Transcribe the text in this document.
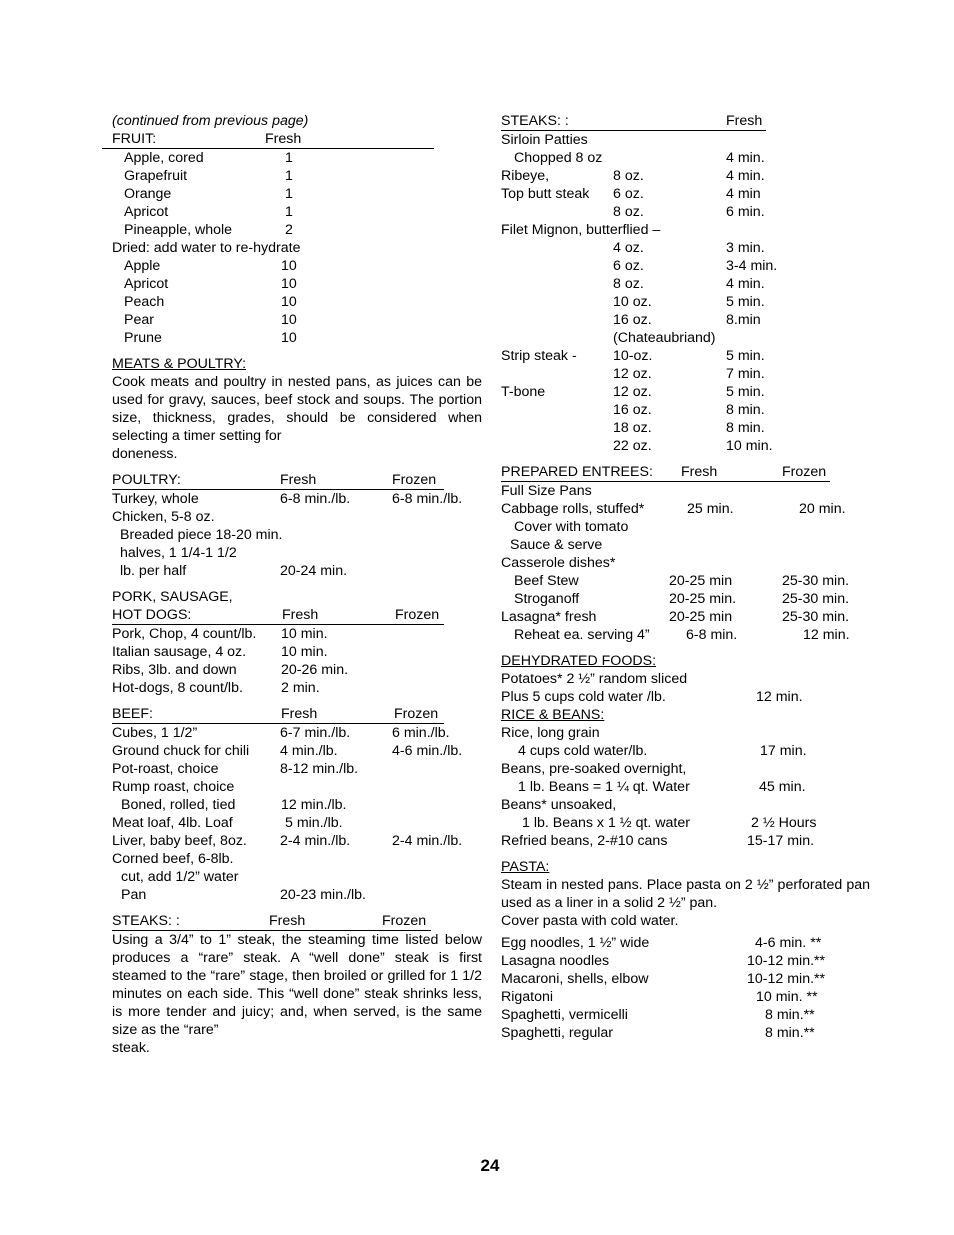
(continued from previous page)
FRUIT:	Fresh
Apple, cored	1
Grapefruit	1
Orange	1
Apricot	1
Pineapple, whole	2
Dried: add water to re-hydrate
Apple	10
Apricot	10
Peach	10
Pear	10
Prune	10
MEATS & POULTRY:
Cook meats and poultry in nested pans, as juices can be used for gravy, sauces, beef stock and soups. The portion size, thickness, grades, should be considered when selecting a timer setting for
doneness.
POULTRY:	Fresh	Frozen
Turkey, whole	6-8 min./lb.	6-8 min./lb.
Chicken, 5-8 oz.
Breaded piece 18-20 min.
halves, 1 1/4-1 1/2
lb. per half	20-24 min.
PORK, SAUSAGE,
HOT DOGS:	Fresh	Frozen
Pork, Chop, 4 count/lb. 10 min.
Italian sausage, 4 oz. 10 min.
Ribs, 3lb. and down	20-26 min.
Hot-dogs, 8 count/lb.	2 min.
BEEF:	Fresh	Frozen
Cubes, 1 1/2”	6-7 min./lb.	6 min./lb.
Ground chuck for chili 4 min./lb.	4-6 min./lb.
Pot-roast, choice	8-12 min./lb.
Rump roast, choice
Boned, rolled, tied	12 min./lb.
Meat loaf, 4lb. Loaf	5 min./lb.
Liver, baby beef, 8oz. 2-4 min./lb.	2-4 min./lb.
Corned beef, 6-8lb.
cut, add 1/2” water
Pan	20-23 min./lb.
STEAKS: :	Fresh	Frozen
Using a 3/4” to 1” steak, the steaming time listed below produces a “rare” steak. A “well done” steak is first steamed to the “rare” stage, then broiled or grilled for 1 1/2 minutes on each side. This “well done” steak shrinks less, is more tender and juicy; and, when served, is the same size as the “rare”
steak.
STEAKS: :	Fresh
Sirloin Patties
Chopped 8 oz	4 min.
Ribeye,	8 oz.	4 min.
Top butt steak 6 oz.	4 min
8 oz.	6 min.
Filet Mignon, butterflied –
4 oz.	3 min.
6 oz.	3-4 min.
8 oz.	4 min.
10 oz.	5 min.
16 oz.	8.min
(Chateaubriand)
Strip steak -	10-oz.	5 min.
12 oz.	7 min.
T-bone	12 oz.	5 min.
16 oz.	8 min.
18 oz.	8 min.
22 oz.	10 min.
PREPARED ENTREES: Fresh	Frozen
Full Size Pans
Cabbage rolls, stuffed*	25 min.	20 min.
Cover with tomato
Sauce & serve
Casserole dishes*
Beef Stew	20-25 min	25-30 min.
Stroganoff	20-25 min.	25-30 min.
Lasagna* fresh	20-25 min	25-30 min.
Reheat ea. serving 4”	6-8 min.	12 min.
DEHYDRATED FOODS:
Potatoes* 2 ½” random sliced
Plus 5 cups cold water /lb.	12 min.
RICE & BEANS:
Rice, long grain
4 cups cold water/lb.	17 min.
Beans, pre-soaked overnight,
1 lb. Beans = 1 ¼ qt. Water	45 min.
Beans* unsoaked,
1 lb. Beans x 1 ½ qt. water	2 ½ Hours
Refried beans, 2-#10 cans	15-17 min.
PASTA:
Steam in nested pans. Place pasta on 2 ½” perforated pan used as a liner in a solid 2 ½” pan.
Cover pasta with cold water.
Egg noodles, 1 ½” wide	4-6 min. **
Lasagna noodles	10-12 min.**
Macaroni, shells, elbow	10-12 min.**
Rigatoni	10 min. **
Spaghetti, vermicelli	8 min.**
Spaghetti, regular	8 min.**
24
